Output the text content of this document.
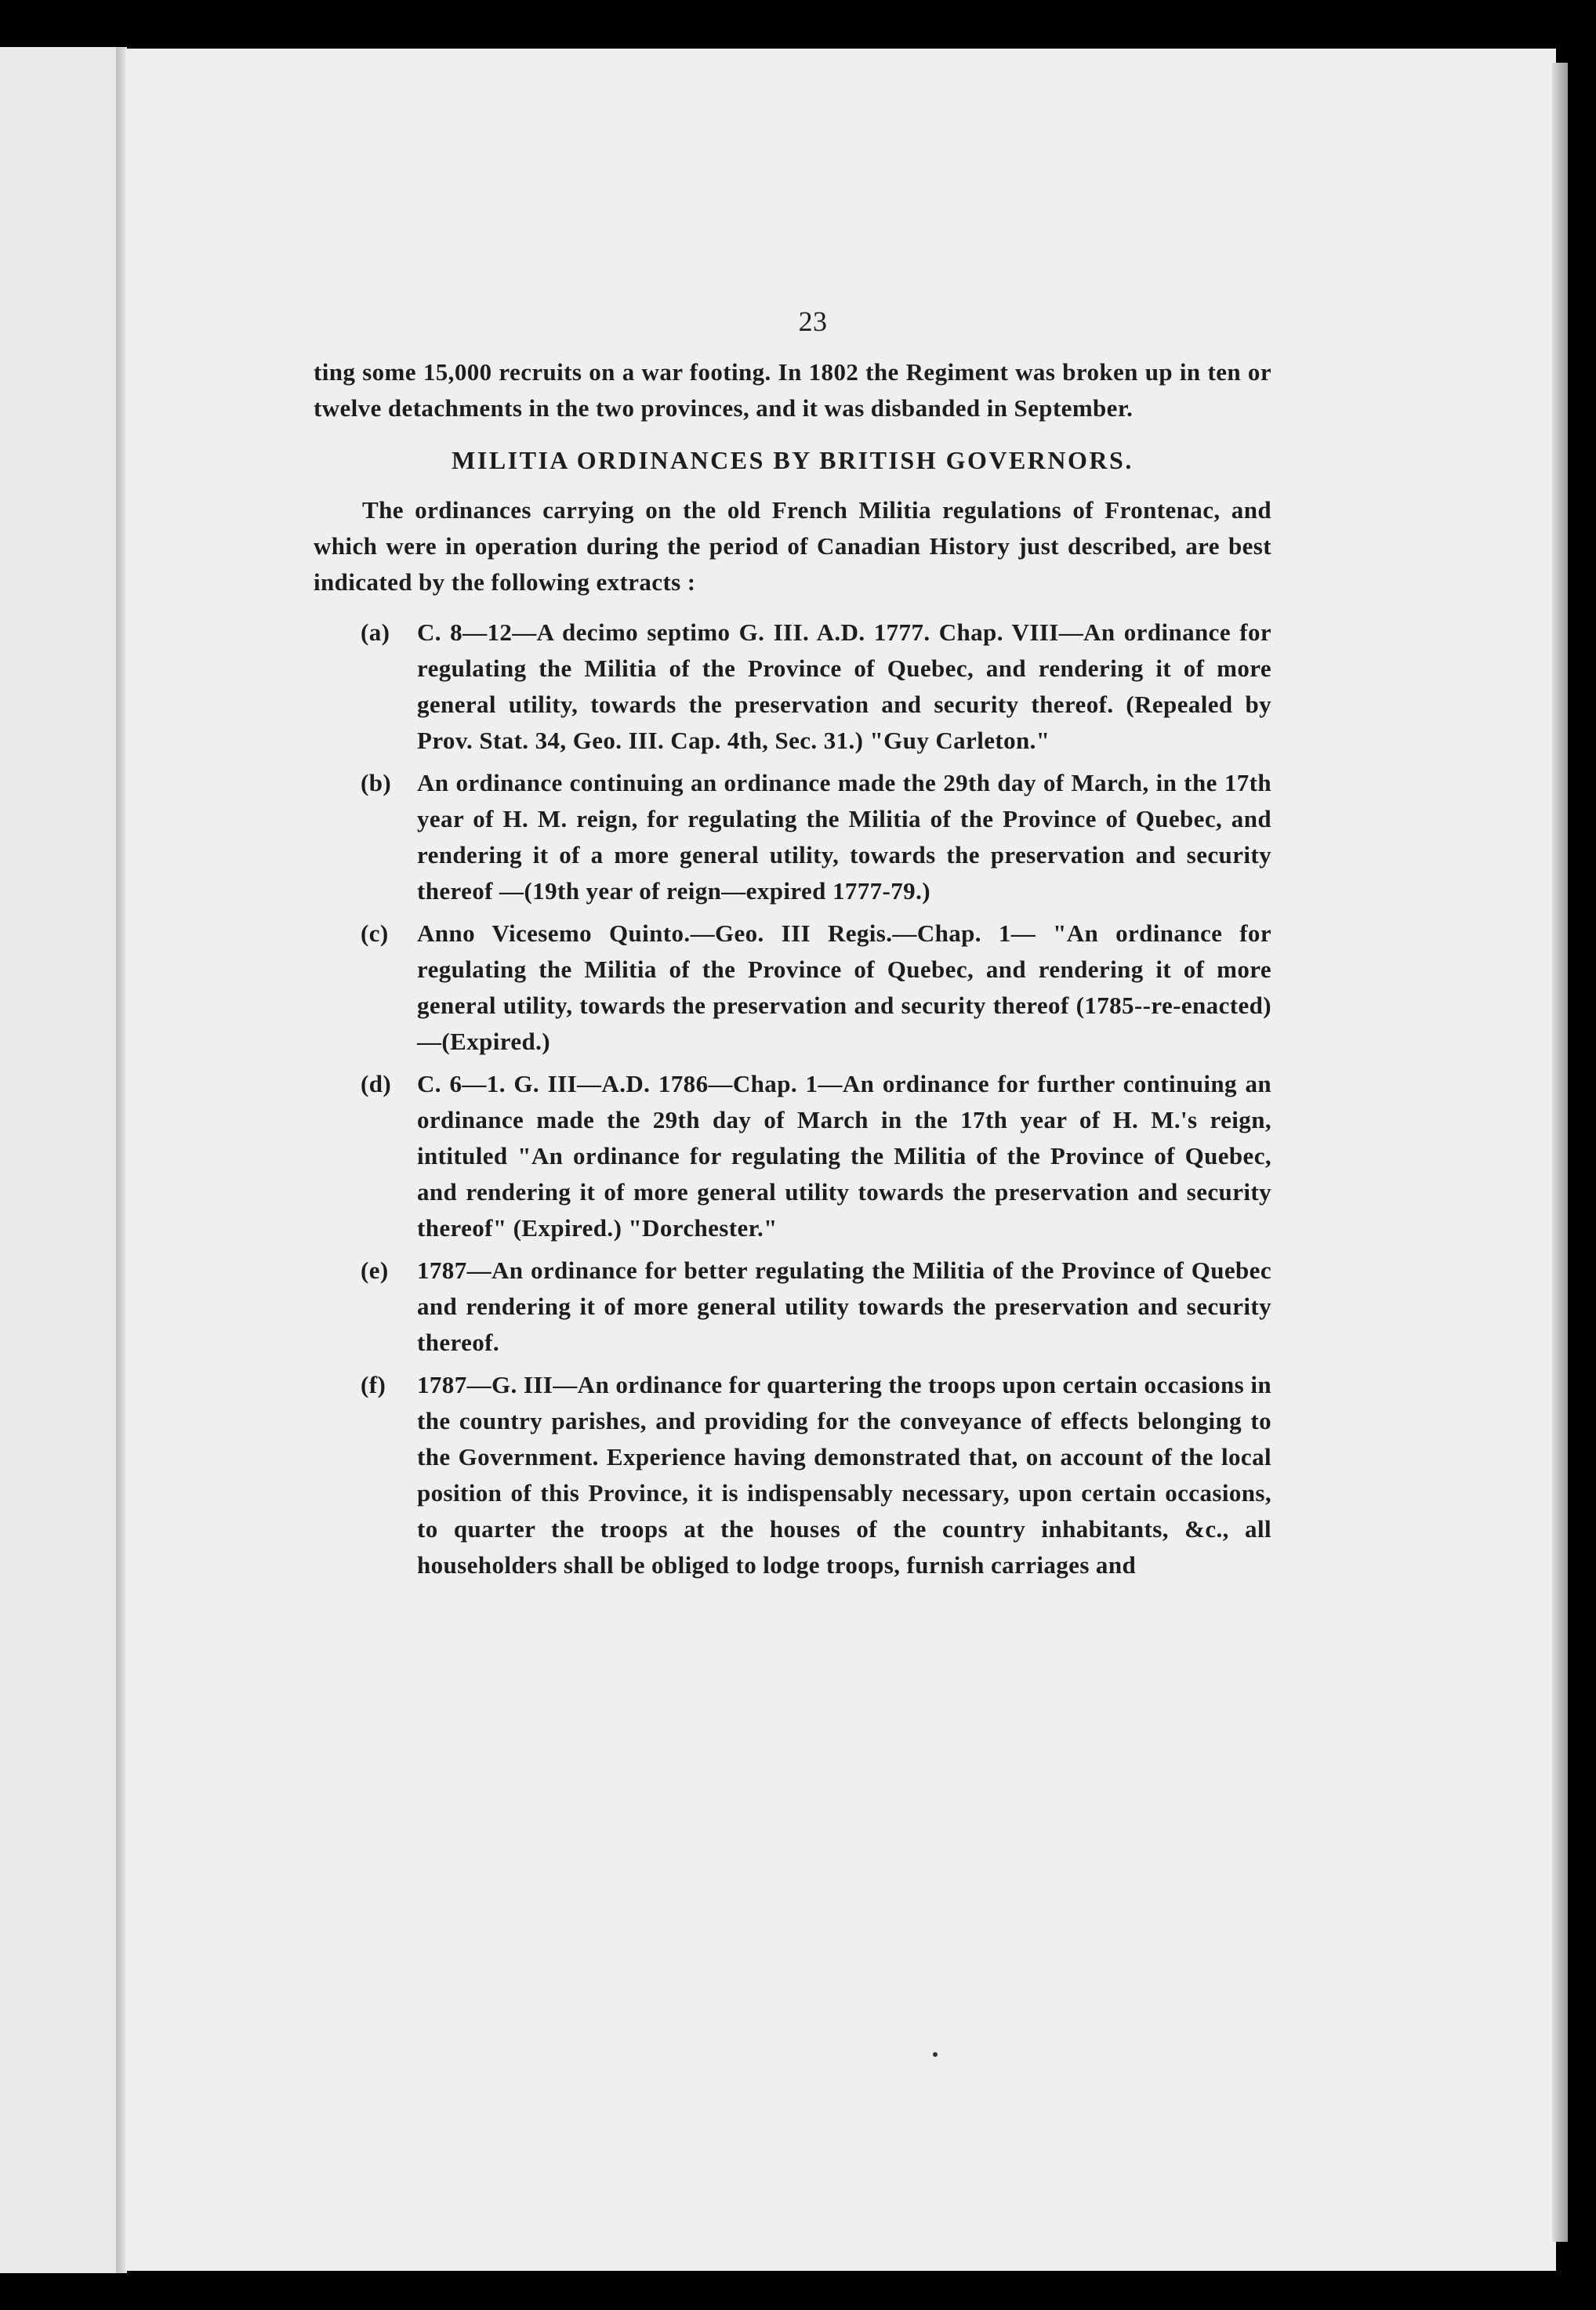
23

ting some 15,000 recruits on a war footing. In 1802 the Regiment was broken up in ten or twelve detachments in the two provinces, and it was disbanded in September.

MILITIA ORDINANCES BY BRITISH GOVERNORS.

The ordinances carrying on the old French Militia regulations of Frontenac, and which were in operation during the period of Canadian History just described, are best indicated by the following extracts :

(a) C. 8—12—A decimo septimo G. III. A.D. 1777. Chap. VIII—An ordinance for regulating the Militia of the Province of Quebec, and rendering it of more general utility, towards the preservation and security thereof. (Repealed by Prov. Stat. 34, Geo. III. Cap. 4th, Sec. 31.) "Guy Carleton."
(b) An ordinance continuing an ordinance made the 29th day of March, in the 17th year of H. M. reign, for regulating the Militia of the Province of Quebec, and rendering it of a more general utility, towards the preservation and security thereof —(19th year of reign—expired 1777-79.)
(c) Anno Vicesemo Quinto.—Geo. III Regis.—Chap. 1— "An ordinance for regulating the Militia of the Province of Quebec, and rendering it of more general utility, towards the preservation and security thereof (1785--re-enacted) —(Expired.)
(d) C. 6—1. G. III—A.D. 1786—Chap. 1—An ordinance for further continuing an ordinance made the 29th day of March in the 17th year of H. M.'s reign, intituled "An ordinance for regulating the Militia of the Province of Quebec, and rendering it of more general utility towards the preservation and security thereof" (Expired.) "Dorchester."
(e) 1787—An ordinance for better regulating the Militia of the Province of Quebec and rendering it of more general utility towards the preservation and security thereof.
(f) 1787—G. III—An ordinance for quartering the troops upon certain occasions in the country parishes, and providing for the conveyance of effects belonging to the Government. Experience having demonstrated that, on account of the local position of this Province, it is indispensably necessary, upon certain occasions, to quarter the troops at the houses of the country inhabitants, &c., all householders shall be obliged to lodge troops, furnish carriages and
